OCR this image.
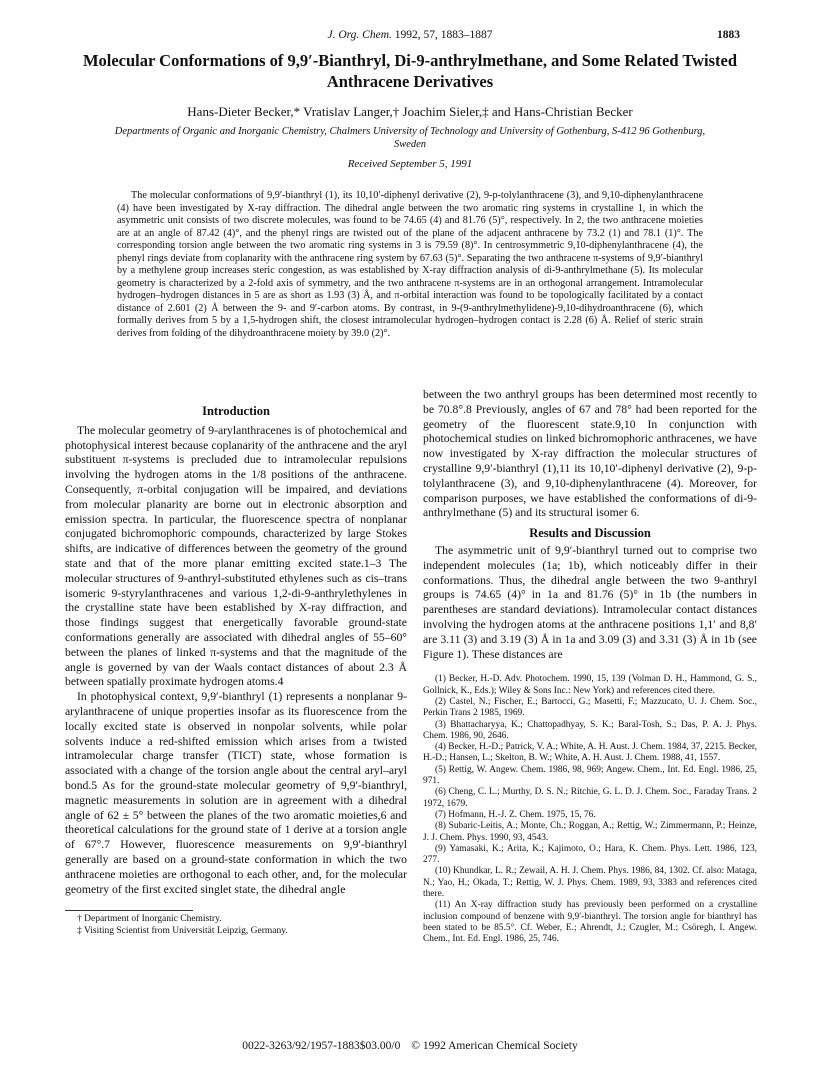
J. Org. Chem. 1992, 57, 1883–1887	1883
Molecular Conformations of 9,9′-Bianthryl, Di-9-anthrylmethane, and Some Related Twisted Anthracene Derivatives
Hans-Dieter Becker,* Vratislav Langer,† Joachim Sieler,‡ and Hans-Christian Becker
Departments of Organic and Inorganic Chemistry, Chalmers University of Technology and University of Gothenburg, S-412 96 Gothenburg, Sweden
Received September 5, 1991
The molecular conformations of 9,9′-bianthryl (1), its 10,10′-diphenyl derivative (2), 9-p-tolylanthracene (3), and 9,10-diphenylanthracene (4) have been investigated by X-ray diffraction. The dihedral angle between the two aromatic ring systems in crystalline 1, in which the asymmetric unit consists of two discrete molecules, was found to be 74.65 (4) and 81.76 (5)°, respectively. In 2, the two anthracene moieties are at an angle of 87.42 (4)°, and the phenyl rings are twisted out of the plane of the adjacent anthracene by 73.2 (1) and 78.1 (1)°. The corresponding torsion angle between the two aromatic ring systems in 3 is 79.59 (8)°. In centrosymmetric 9,10-diphenylanthracene (4), the phenyl rings deviate from coplanarity with the anthracene ring system by 67.63 (5)°. Separating the two anthracene π-systems of 9,9′-bianthryl by a methylene group increases steric congestion, as was established by X-ray diffraction analysis of di-9-anthrylmethane (5). Its molecular geometry is characterized by a 2-fold axis of symmetry, and the two anthracene π-systems are in an orthogonal arrangement. Intramolecular hydrogen–hydrogen distances in 5 are as short as 1.93 (3) Å, and π-orbital interaction was found to be topologically facilitated by a contact distance of 2.601 (2) Å between the 9- and 9′-carbon atoms. By contrast, in 9-(9-anthrylmethylidene)-9,10-dihydroanthracene (6), which formally derives from 5 by a 1,5-hydrogen shift, the closest intramolecular hydrogen–hydrogen contact is 2.28 (6) Å. Relief of steric strain derives from folding of the dihydroanthracene moiety by 39.0 (2)°.
Introduction

The molecular geometry of 9-arylanthracenes is of photochemical and photophysical interest because coplanarity of the anthracene and the aryl substituent π-systems is precluded due to intramolecular repulsions involving the hydrogen atoms in the 1/8 positions of the anthracene. Consequently, π-orbital conjugation will be impaired, and deviations from molecular planarity are borne out in electronic absorption and emission spectra. In particular, the fluorescence spectra of nonplanar conjugated bichromophoric compounds, characterized by large Stokes shifts, are indicative of differences between the geometry of the ground state and that of the more planar emitting excited state.1–3 The molecular structures of 9-anthryl-substituted ethylenes such as cis–trans isomeric 9-styrylanthracenes and various 1,2-di-9-anthrylethylenes in the crystalline state have been established by X-ray diffraction, and those findings suggest that energetically favorable ground-state conformations generally are associated with dihedral angles of 55–60° between the planes of linked π-systems and that the magnitude of the angle is governed by van der Waals contact distances of about 2.3 Å between spatially proximate hydrogen atoms.4

In photophysical context, 9,9′-bianthryl (1) represents a nonplanar 9-arylanthracene of unique properties insofar as its fluorescence from the locally excited state is observed in nonpolar solvents, while polar solvents induce a red-shifted emission which arises from a twisted intramolecular charge transfer (TICT) state, whose formation is associated with a change of the torsion angle about the central aryl–aryl bond.5 As for the ground-state molecular geometry of 9,9′-bianthryl, magnetic measurements in solution are in agreement with a dihedral angle of 62 ± 5° between the planes of the two aromatic moieties,6 and theoretical calculations for the ground state of 1 derive at a torsion angle of 67°.7 However, fluorescence measurements on 9,9′-bianthryl generally are based on a ground-state conformation in which the two anthracene moieties are orthogonal to each other, and, for the molecular geometry of the first excited singlet state, the dihedral angle

† Department of Inorganic Chemistry.

‡ Visiting Scientist from Universität Leipzig, Germany.

between the two anthryl groups has been determined most recently to be 70.8°.8 Previously, angles of 67 and 78° had been reported for the geometry of the fluorescent state.9,10 In conjunction with photochemical studies on linked bichromophoric anthracenes, we have now investigated by X-ray diffraction the molecular structures of crystalline 9,9′-bianthryl (1),11 its 10,10′-diphenyl derivative (2), 9-p-tolylanthracene (3), and 9,10-diphenylanthracene (4). Moreover, for comparison purposes, we have established the conformations of di-9-anthrylmethane (5) and its structural isomer 6.

Results and Discussion

The asymmetric unit of 9,9′-bianthryl turned out to comprise two independent molecules (1a; 1b), which noticeably differ in their conformations. Thus, the dihedral angle between the two 9-anthryl groups is 74.65 (4)° in 1a and 81.76 (5)° in 1b (the numbers in parentheses are standard deviations). Intramolecular contact distances involving the hydrogen atoms at the anthracene positions 1,1′ and 8,8′ are 3.11 (3) and 3.19 (3) Å in 1a and 3.09 (3) and 3.31 (3) Å in 1b (see Figure 1). These distances are

(1) Becker, H.-D. Adv. Photochem. 1990, 15, 139 (Volman D. H., Hammond, G. S., Gollnick, K., Eds.); Wiley & Sons Inc.: New York) and references cited there.

(2) Castel, N.; Fischer, E.; Bartocci, G.; Masetti, F.; Mazzucato, U. J. Chem. Soc., Perkin Trans 2 1985, 1969.

(3) Bhattacharyya, K.; Chattopadhyay, S. K.; Baral-Tosh, S.; Das, P. A. J. Phys. Chem. 1986, 90, 2646.

(4) Becker, H.-D.; Patrick, V. A.; White, A. H. Aust. J. Chem. 1984, 37, 2215. Becker, H.-D.; Hansen, L.; Skelton, B. W.; White, A. H. Aust. J. Chem. 1988, 41, 1557.

(5) Rettig, W. Angew. Chem. 1986, 98, 969; Angew. Chem., Int. Ed. Engl. 1986, 25, 971.

(6) Cheng, C. L.; Murthy, D. S. N.; Ritchie, G. L. D. J. Chem. Soc., Faraday Trans. 2 1972, 1679.

(7) Hofmann, H.-J. Z. Chem. 1975, 15, 76.

(8) Subaric-Leitis, A.; Monte, Ch.; Roggan, A.; Rettig, W.; Zimmermann, P.; Heinze, J. J. Chem. Phys. 1990, 93, 4543.

(9) Yamasaki, K.; Arita, K.; Kajimoto, O.; Hara, K. Chem. Phys. Lett. 1986, 123, 277.

(10) Khundkar, L. R.; Zewail, A. H. J. Chem. Phys. 1986, 84, 1302. Cf. also: Mataga, N.; Yao, H.; Okada, T.; Rettig, W. J. Phys. Chem. 1989, 93, 3383 and references cited there.

(11) An X-ray diffraction study has previously been performed on a crystalline inclusion compound of benzene with 9,9′-bianthryl. The torsion angle for bianthryl has been stated to be 85.5°. Cf. Weber, E.; Ahrendt, J.; Czugler, M.; Csöregh, I. Angew. Chem., Int. Ed. Engl. 1986, 25, 746.

0022-3263/92/1957-1883$03.00/0 © 1992 American Chemical Society
